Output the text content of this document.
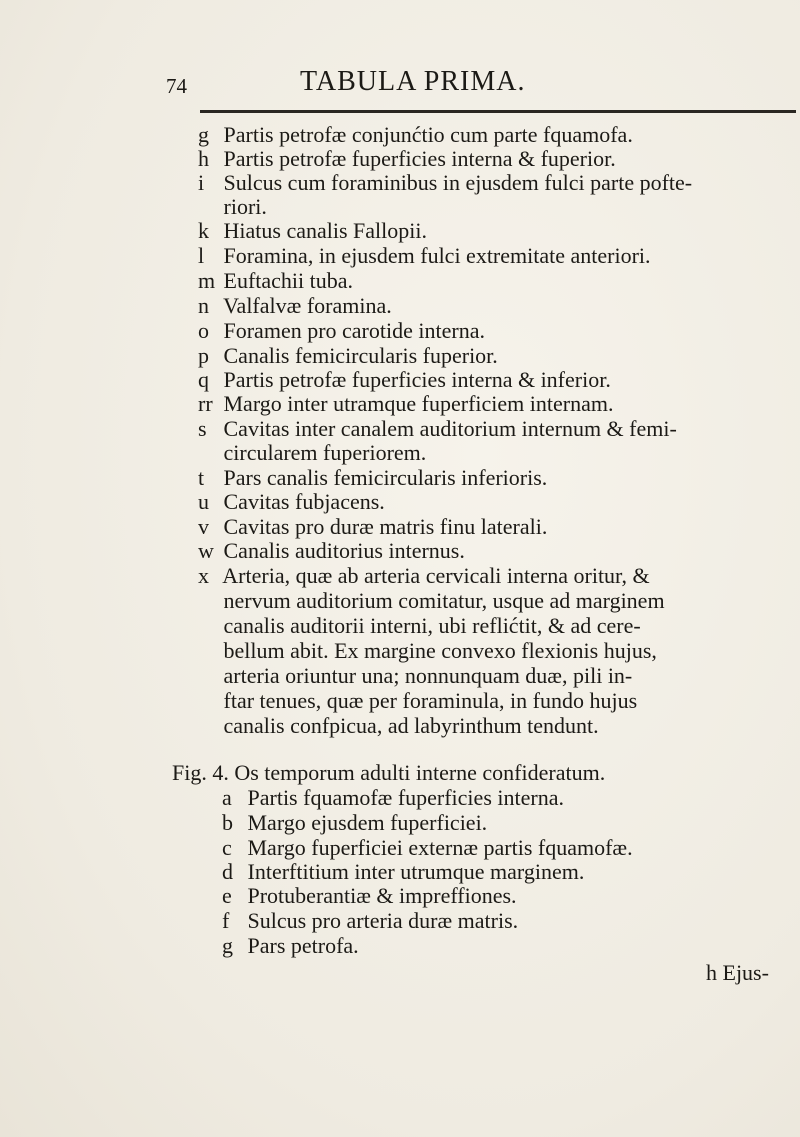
74	TABULA PRIMA.
g Partis petrofæ conjunćtio cum parte fquamofa.
h Partis petrofæ fuperficies interna & fuperior.
i Sulcus cum foraminibus in ejusdem fulci parte pofte-
riori.
k Hiatus canalis Fallopii.
l Foramina, in ejusdem fulci extremitate anteriori.
m Euftachii tuba.
n Valfalvæ foramina.
o Foramen pro carotide interna.
p Canalis femicircularis fuperior.
q Partis petrofæ fuperficies interna & inferior.
rr Margo inter utramque fuperficiem internam.
s Cavitas inter canalem auditorium internum & femi-
circularem fuperiorem.
t Pars canalis femicircularis inferioris.
u Cavitas fubjacens.
v Cavitas pro duræ matris finu laterali.
w Canalis auditorius internus.
x Arteria, quæ ab arteria cervicali interna oritur, &
nervum auditorium comitatur, usque ad marginem
canalis auditorii interni, ubi reflićtit, & ad cere-
bellum abit. Ex margine convexo flexionis hujus,
arteria oriuntur una; nonnunquam duæ, pili in-
ftar tenues, quæ per foraminula, in fundo hujus
canalis confpicua, ad labyrinthum tendunt.
Fig. 4. Os temporum adulti interne confideratum.
a Partis fquamofæ fuperficies interna.
b Margo ejusdem fuperficiei.
c Margo fuperficiei externæ partis fquamofæ.
d Interftitium inter utrumque marginem.
e Protuberantiæ & impreffiones.
f Sulcus pro arteria duræ matris.
g Pars petrofa.
h Ejus-
